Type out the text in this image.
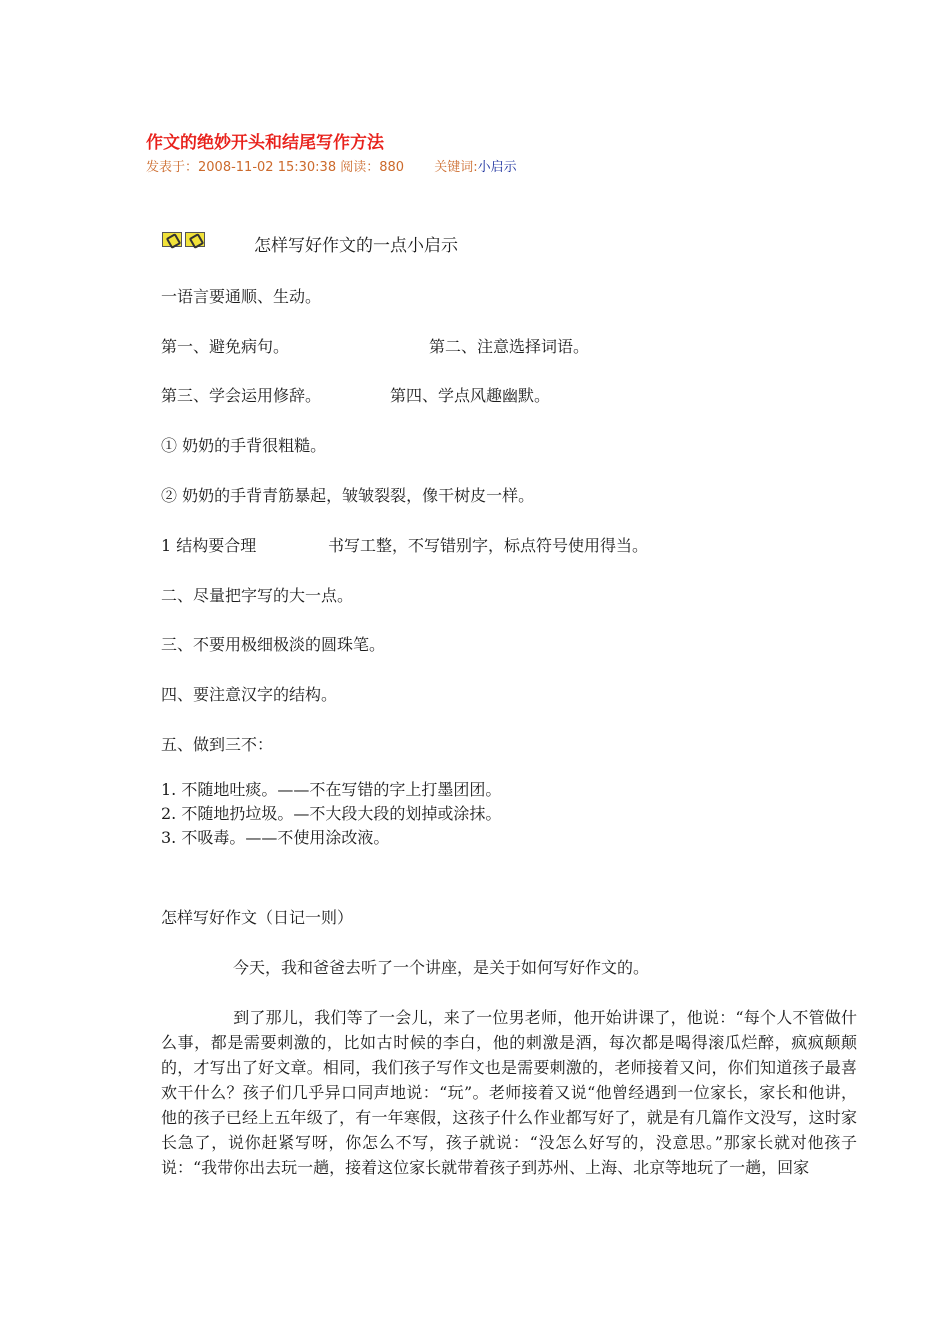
作文的绝妙开头和结尾写作方法
发表于：2008-11-02 15:30:38 阅读：880 关键词:小启示
怎样写好作文的一点小启示
一语言要通顺、生动。
第一、避免病句。	第二、注意选择词语。
第三、学会运用修辞。	第四、学点风趣幽默。
① 奶奶的手背很粗糙。
② 奶奶的手背青筋暴起，皱皱裂裂，像干树皮一样。
1 结构要合理	书写工整，不写错别字，标点符号使用得当。
二、尽量把字写的大一点。
三、不要用极细极淡的圆珠笔。
四、要注意汉字的结构。
五、做到三不：
1. 不随地吐痰。——不在写错的字上打墨团团。
2. 不随地扔垃圾。—不大段大段的划掉或涂抹。
3. 不吸毒。——不使用涂改液。
怎样写好作文（日记一则）
今天，我和爸爸去听了一个讲座，是关于如何写好作文的。
到了那儿，我们等了一会儿，来了一位男老师，他开始讲课了，他说：“每个人不管做什么事，都是需要刺激的，比如古时候的李白，他的刺激是酒，每次都是喝得滚瓜烂醉，疯疯颠颠的，才写出了好文章。相同，我们孩子写作文也是需要刺激的，老师接着又问，你们知道孩子最喜欢干什么？孩子们几乎异口同声地说：“玩”。老师接着又说“他曾经遇到一位家长，家长和他讲，他的孩子已经上五年级了，有一年寒假，这孩子什么作业都写好了，就是有几篇作文没写，这时家长急了，说你赶紧写呀，你怎么不写，孩子就说：“没怎么好写的，没意思。”那家长就对他孩子说：“我带你出去玩一趟，接着这位家长就带着孩子到苏州、上海、北京等地玩了一趟，回家
